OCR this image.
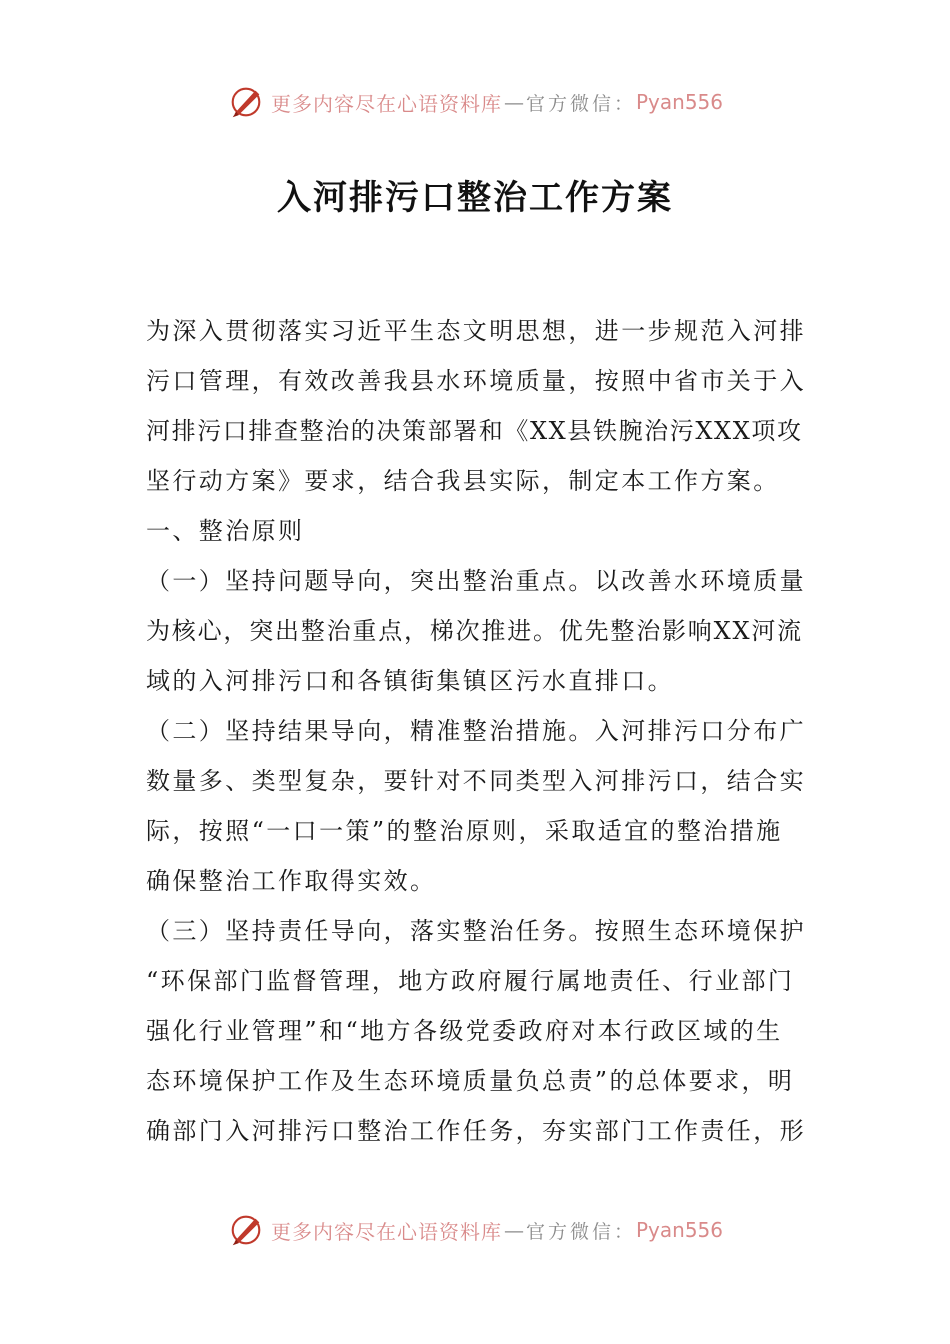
更多内容尽在心语资料库 — 官方微信： Pyan556
入河排污口整治工作方案
为深入贯彻落实习近平生态文明思想，进一步规范入河排
污口管理，有效改善我县水环境质量，按照中省市关于入
河排污口排查整治的决策部署和《XX县铁腕治污XXX项攻
坚行动方案》要求，结合我县实际，制定本工作方案。
一、整治原则
（一）坚持问题导向，突出整治重点。以改善水环境质量
为核心，突出整治重点，梯次推进。优先整治影响XX河流
域的入河排污口和各镇街集镇区污水直排口。
（二）坚持结果导向，精准整治措施。入河排污口分布广
数量多、类型复杂，要针对不同类型入河排污口，结合实
际，按照“一口一策”的整治原则，采取适宜的整治措施
确保整治工作取得实效。
（三）坚持责任导向，落实整治任务。按照生态环境保护
“环保部门监督管理，地方政府履行属地责任、行业部门
强化行业管理”和“地方各级党委政府对本行政区域的生
态环境保护工作及生态环境质量负总责”的总体要求，明
确部门入河排污口整治工作任务，夯实部门工作责任，形
更多内容尽在心语资料库 — 官方微信： Pyan556
